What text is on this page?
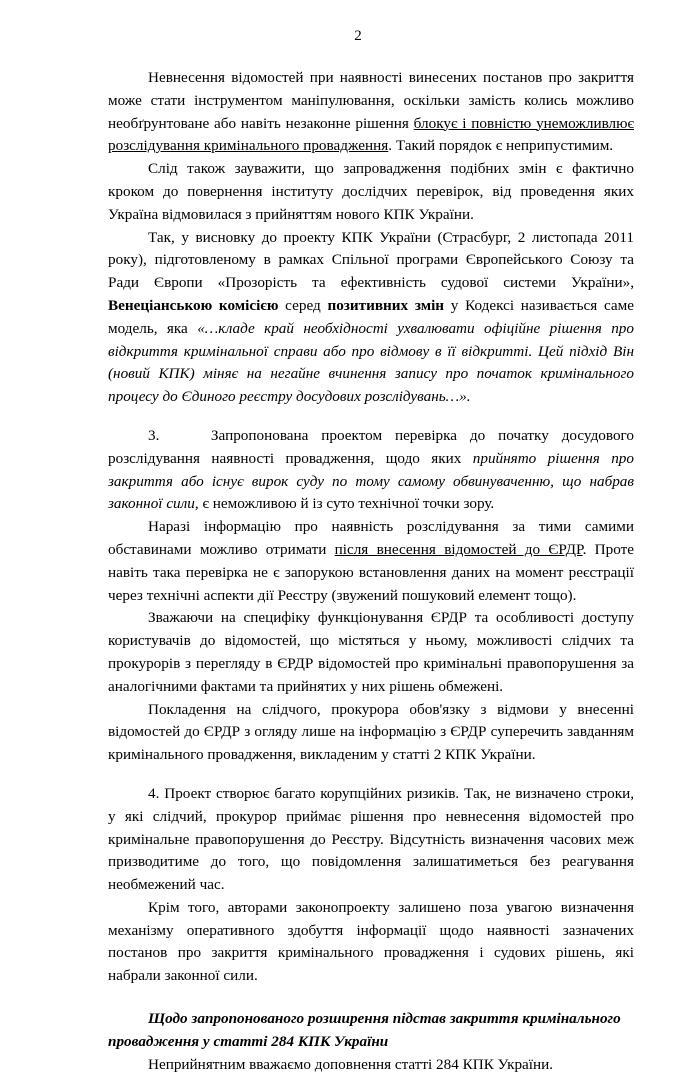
2

Невнесення відомостей при наявності винесених постанов про закриття може стати інструментом маніпулювання, оскільки замість колись можливо необґрунтоване або навіть незаконне рішення блокує і повністю унеможливлює розслідування кримінального провадження. Такий порядок є неприпустимим.

Слід також зауважити, що запровадження подібних змін є фактично кроком до повернення інституту дослідчих перевірок, від проведення яких Україна відмовилася з прийняттям нового КПК України.

Так, у висновку до проекту КПК України (Страсбург, 2 листопада 2011 року), підготовленому в рамках Спільної програми Європейського Союзу та Ради Європи «Прозорість та ефективність судової системи України», Венеціанською комісією серед позитивних змін у Кодексі називається саме модель, яка «…кладе край необхідності ухвалювати офіційне рішення про відкриття кримінальної справи або про відмову в її відкритті. Цей підхід Він (новий КПК) міняє на негайне вчинення запису про початок кримінального процесу до Єдиного реєстру досудових розслідувань…».

3.    Запропонована проектом перевірка до початку досудового розслідування наявності провадження, щодо яких прийнято рішення про закриття або існує вирок суду по тому самому обвинуваченню, що набрав законної сили, є неможливою й із суто технічної точки зору.

Наразі інформацію про наявність розслідування за тими самими обставинами можливо отримати після внесення відомостей до ЄРДР. Проте навіть така перевірка не є запорукою встановлення даних на момент реєстрації через технічні аспекти дії Реєстру (звужений пошуковий елемент тощо).

Зважаючи на специфіку функціонування ЄРДР та особливості доступу користувачів до відомостей, що містяться у ньому, можливості слідчих та прокурорів з перегляду в ЄРДР відомостей про кримінальні правопорушення за аналогічними фактами та прийнятих у них рішень обмежені.

Покладення на слідчого, прокурора обов'язку з відмови у внесенні відомостей до ЄРДР з огляду лише на інформацію з ЄРДР суперечить завданням кримінального провадження, викладеним у статті 2 КПК України.

4. Проект створює багато корупційних ризиків. Так, не визначено строки, у які слідчий, прокурор приймає рішення про невнесення відомостей про кримінальне правопорушення до Реєстру. Відсутність визначення часових меж призводитиме до того, що повідомлення залишатиметься без реагування необмежений час.

Крім того, авторами законопроекту залишено поза увагою визначення механізму оперативного здобуття інформації щодо наявності зазначених постанов про закриття кримінального провадження і судових рішень, які набрали законної сили.

Щодо запропонованого розширення підстав закриття кримінального

провадження у статті 284 КПК України

Неприйнятним вважаємо доповнення статті 284 КПК України.
